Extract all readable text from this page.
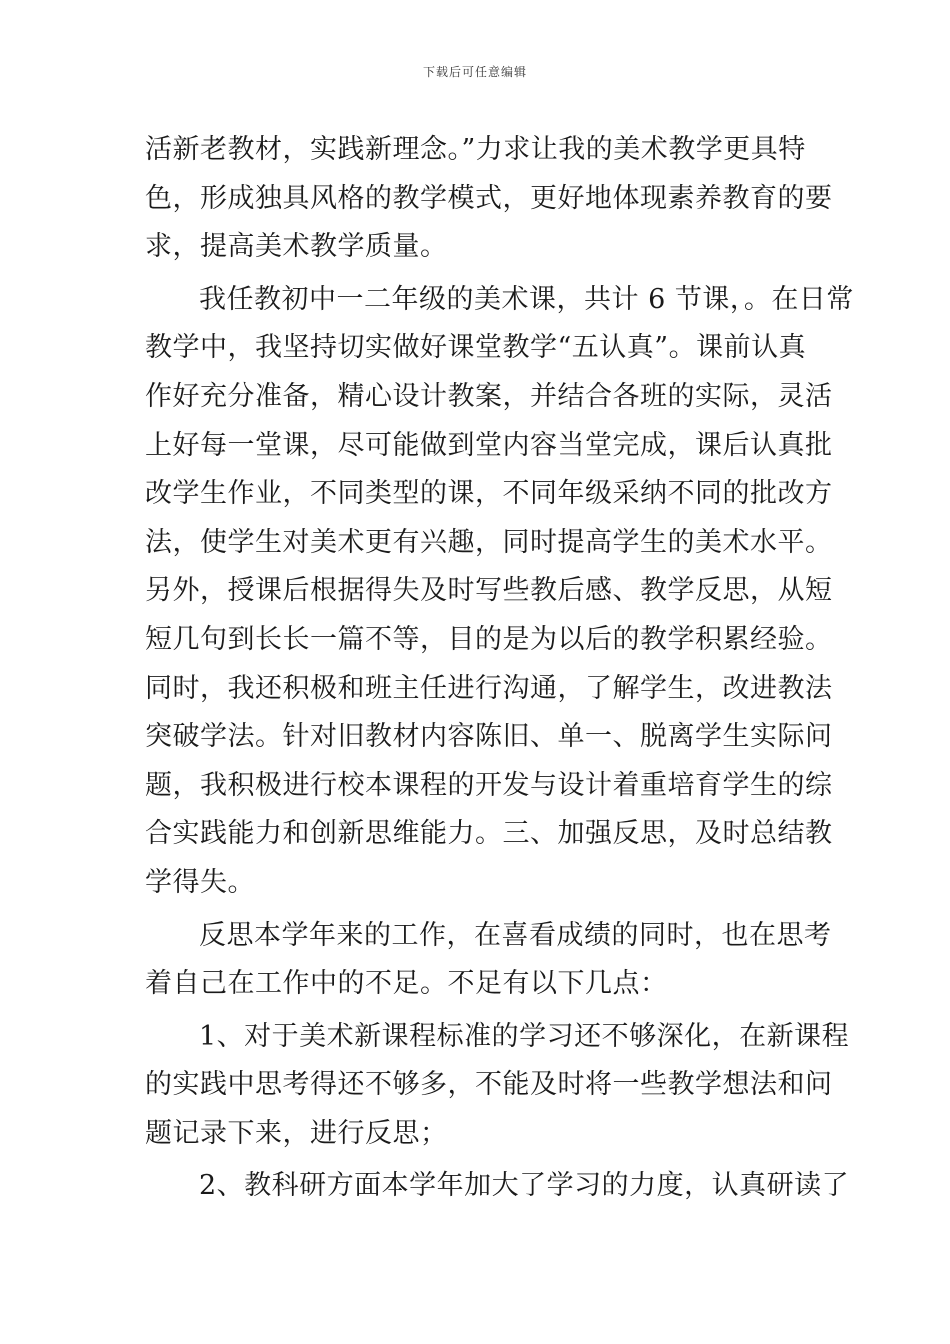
下载后可任意编辑
活新老教材，实践新理念。”力求让我的美术教学更具特
色，形成独具风格的教学模式，更好地体现素养教育的要
求，提高美术教学质量。
我任教初中一二年级的美术课，共计 6 节课，。在日常
教学中，我坚持切实做好课堂教学“五认真”。课前认真
作好充分准备，精心设计教案，并结合各班的实际，灵活
上好每一堂课，尽可能做到堂内容当堂完成，课后认真批
改学生作业，不同类型的课，不同年级采纳不同的批改方
法，使学生对美术更有兴趣，同时提高学生的美术水平。
另外，授课后根据得失及时写些教后感、教学反思，从短
短几句到长长一篇不等，目的是为以后的教学积累经验。
同时，我还积极和班主任进行沟通，了解学生，改进教法
突破学法。针对旧教材内容陈旧、单一、脱离学生实际问
题，我积极进行校本课程的开发与设计着重培育学生的综
合实践能力和创新思维能力。三、加强反思，及时总结教
学得失。
反思本学年来的工作，在喜看成绩的同时，也在思考
着自己在工作中的不足。不足有以下几点：
1、对于美术新课程标准的学习还不够深化，在新课程
的实践中思考得还不够多，不能及时将一些教学想法和问
题记录下来，进行反思；
2、教科研方面本学年加大了学习的力度，认真研读了
